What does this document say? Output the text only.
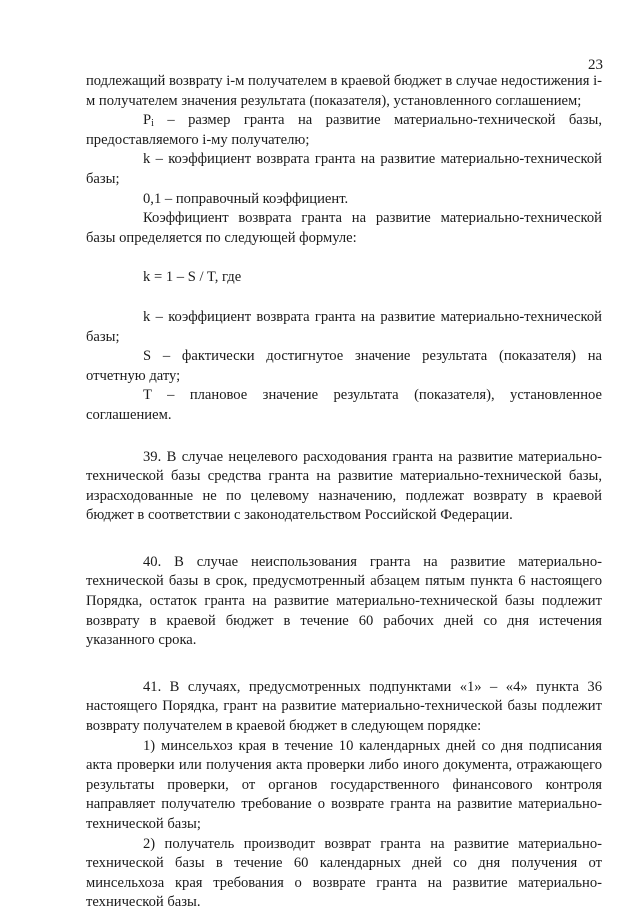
23

подлежащий возврату i-м получателем в краевой бюджет в случае недостижения i-м получателем значения результата (показателя), установленного соглашением;

$P_i$ – размер гранта на развитие материально-технической базы, предоставляемого i-му получателю;

k – коэффициент возврата гранта на развитие материально-технической базы;

0,1 – поправочный коэффициент.

Коэффициент возврата гранта на развитие материально-технической базы определяется по следующей формуле:

k = 1 – S / T, где

k – коэффициент возврата гранта на развитие материально-технической базы;

S – фактически достигнутое значение результата (показателя) на отчетную дату;

T – плановое значение результата (показателя), установленное соглашением.

39. В случае нецелевого расходования гранта на развитие материально-технической базы средства гранта на развитие материально-технической базы, израсходованные не по целевому назначению, подлежат возврату в краевой бюджет в соответствии с законодательством Российской Федерации.

40. В случае неиспользования гранта на развитие материально-технической базы в срок, предусмотренный абзацем пятым пункта 6 настоящего Порядка, остаток гранта на развитие материально-технической базы подлежит возврату в краевой бюджет в течение 60 рабочих дней со дня истечения указанного срока.

41. В случаях, предусмотренных подпунктами «1» – «4» пункта 36 настоящего Порядка, грант на развитие материально-технической базы подлежит возврату получателем в краевой бюджет в следующем порядке:

1) минсельхоз края в течение 10 календарных дней со дня подписания акта проверки или получения акта проверки либо иного документа, отражающего результаты проверки, от органов государственного финансового контроля направляет получателю требование о возврате гранта на развитие материально-технической базы;

2) получатель производит возврат гранта на развитие материально-технической базы в течение 60 календарных дней со дня получения от минсельхоза края требования о возврате гранта на развитие материально-технической базы.
